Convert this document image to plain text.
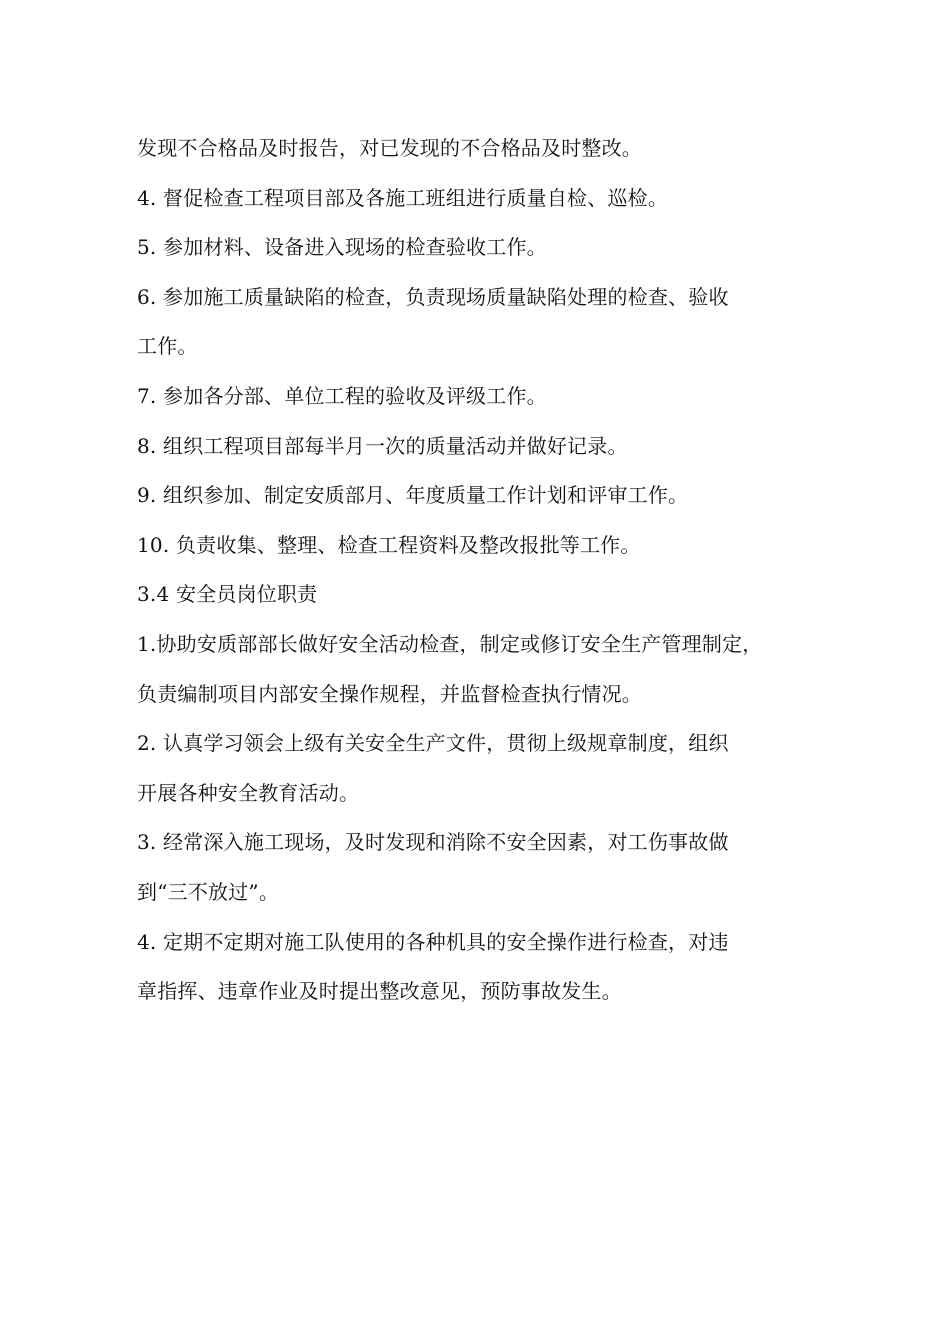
发现不合格品及时报告，对已发现的不合格品及时整改。
4. 督促检查工程项目部及各施工班组进行质量自检、巡检。
5. 参加材料、设备进入现场的检查验收工作。
6. 参加施工质量缺陷的检查，负责现场质量缺陷处理的检查、验收
工作。
7. 参加各分部、单位工程的验收及评级工作。
8. 组织工程项目部每半月一次的质量活动并做好记录。
9. 组织参加、制定安质部月、年度质量工作计划和评审工作。
10. 负责收集、整理、检查工程资料及整改报批等工作。
3.4 安全员岗位职责
1.协助安质部部长做好安全活动检查，制定或修订安全生产管理制定，
负责编制项目内部安全操作规程，并监督检查执行情况。
2. 认真学习领会上级有关安全生产文件，贯彻上级规章制度，组织
开展各种安全教育活动。
3. 经常深入施工现场，及时发现和消除不安全因素，对工伤事故做
到“三不放过”。
4. 定期不定期对施工队使用的各种机具的安全操作进行检查，对违
章指挥、违章作业及时提出整改意见，预防事故发生。
